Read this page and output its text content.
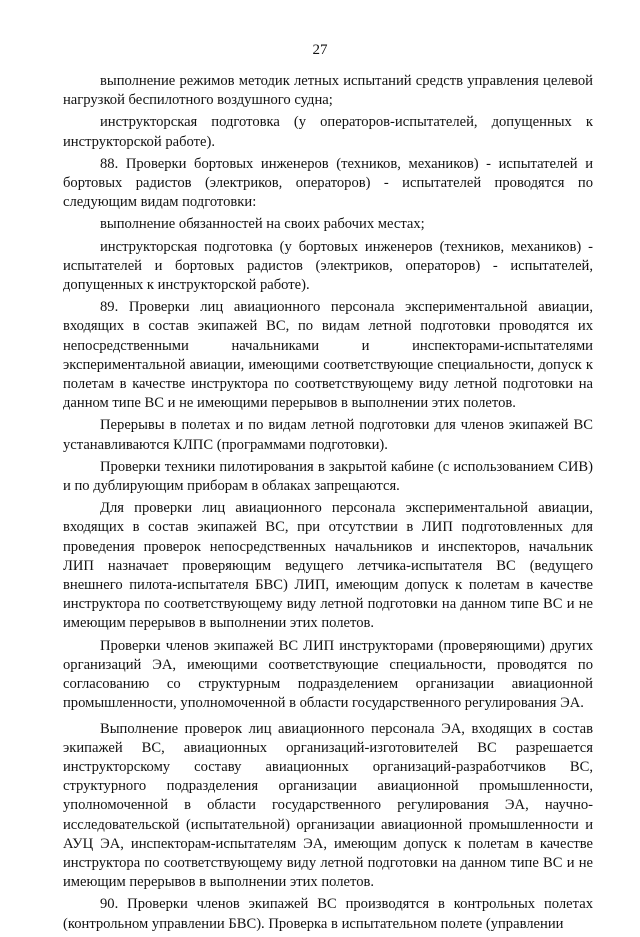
27

выполнение режимов методик летных испытаний средств управления целевой нагрузкой беспилотного воздушного судна;

инструкторская подготовка (у операторов-испытателей, допущенных к инструкторской работе).

88. Проверки бортовых инженеров (техников, механиков) - испытателей и бортовых радистов (электриков, операторов) - испытателей проводятся по следующим видам подготовки:

выполнение обязанностей на своих рабочих местах;

инструкторская подготовка (у бортовых инженеров (техников, механиков) - испытателей и бортовых радистов (электриков, операторов) - испытателей, допущенных к инструкторской работе).

89. Проверки лиц авиационного персонала экспериментальной авиации, входящих в состав экипажей ВС, по видам летной подготовки проводятся их непосредственными начальниками и инспекторами-испытателями экспериментальной авиации, имеющими соответствующие специальности, допуск к полетам в качестве инструктора по соответствующему виду летной подготовки на данном типе ВС и не имеющими перерывов в выполнении этих полетов.

Перерывы в полетах и по видам летной подготовки для членов экипажей ВС устанавливаются КЛПС (программами подготовки).

Проверки техники пилотирования в закрытой кабине (с использованием СИВ) и по дублирующим приборам в облаках запрещаются.

Для проверки лиц авиационного персонала экспериментальной авиации, входящих в состав экипажей ВС, при отсутствии в ЛИП подготовленных для проведения проверок непосредственных начальников и инспекторов, начальник ЛИП назначает проверяющим ведущего летчика-испытателя ВС (ведущего внешнего пилота-испытателя БВС) ЛИП, имеющим допуск к полетам в качестве инструктора по соответствующему виду летной подготовки на данном типе ВС и не имеющим перерывов в выполнении этих полетов.

Проверки членов экипажей ВС ЛИП инструкторами (проверяющими) других организаций ЭА, имеющими соответствующие специальности, проводятся по согласованию со структурным подразделением организации авиационной промышленности, уполномоченной в области государственного регулирования ЭА.

Выполнение проверок лиц авиационного персонала ЭА, входящих в состав экипажей ВС, авиационных организаций-изготовителей ВС разрешается инструкторскому составу авиационных организаций-разработчиков ВС, структурного подразделения организации авиационной промышленности, уполномоченной в области государственного регулирования ЭА, научно-исследовательской (испытательной) организации авиационной промышленности и АУЦ ЭА, инспекторам-испытателям ЭА, имеющим допуск к полетам в качестве инструктора по соответствующему виду летной подготовки на данном типе ВС и не имеющим перерывов в выполнении этих полетов.

90. Проверки членов экипажей ВС производятся в контрольных полетах (контрольном управлении БВС). Проверка в испытательном полете (управлении
